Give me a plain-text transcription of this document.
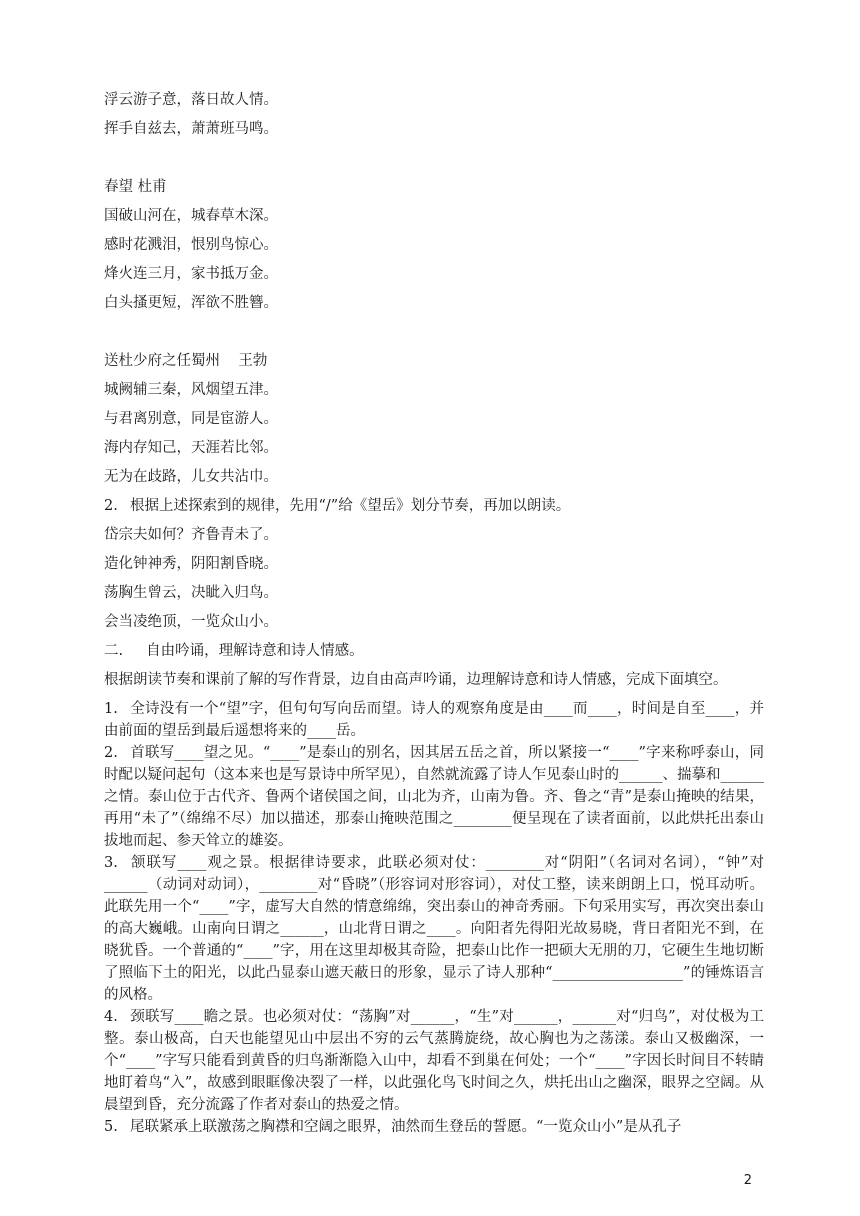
浮云游子意，落日故人情。
挥手自兹去，萧萧班马鸣。
春望 杜甫
国破山河在，城春草木深。
感时花溅泪，恨别鸟惊心。
烽火连三月，家书抵万金。
白头搔更短，浑欲不胜簪。
送杜少府之任蜀州    王勃
城阙辅三秦，风烟望五津。
与君离别意，同是宦游人。
海内存知己，天涯若比邻。
无为在歧路，儿女共沾巾。
2. 根据上述探索到的规律，先用“/”给《望岳》划分节奏，再加以朗读。
岱宗夫如何？齐鲁青未了。
造化钟神秀，阴阳割昏晓。
荡胸生曾云，决眦入归鸟。
会当凌绝顶，一览众山小。
二.     自由吟诵，理解诗意和诗人情感。
根据朗读节奏和课前了解的写作背景，边自由高声吟诵，边理解诗意和诗人情感，完成下面填空。
1. 全诗没有一个“望”字，但句句写向岳而望。诗人的观察角度是由____而____，时间是自至____，并由前面的望岳到最后遥想将来的____岳。
2. 首联写____望之见。“____”是泰山的别名，因其居五岳之首，所以紧接一“____”字来称呼泰山，同时配以疑问起句（这本来也是写景诗中所罕见），自然就流露了诗人乍见泰山时的______、揣摹和______之情。泰山位于古代齐、鲁两个诸侯国之间，山北为齐，山南为鲁。齐、鲁之“青”是泰山掩映的结果，再用“未了”（绵绵不尽）加以描述，那泰山掩映范围之________便呈现在了读者面前，以此烘托出泰山拔地而起、参天耸立的雄姿。
3. 颔联写____观之景。根据律诗要求，此联必须对仗：________对“阴阳”（名词对名词），“钟”对______（动词对动词），________对“昏晓”（形容词对形容词），对仗工整，读来朗朗上口，悦耳动听。此联先用一个“____”字，虚写大自然的情意绵绵，突出泰山的神奇秀丽。下句采用实写，再次突出泰山的高大巍峨。山南向日谓之______，山北背日谓之____。向阳者先得阳光故易晓，背日者阳光不到，在晓犹昏。一个普通的“____”字，用在这里却极其奇险，把泰山比作一把硕大无朋的刀，它硬生生地切断了照临下土的阳光，以此凸显泰山遮天蔽日的形象，显示了诗人那种“__________________”的锤炼语言的风格。
4. 颈联写____瞻之景。也必须对仗：“荡胸”对______，“生”对______，______对“归鸟”，对仗极为工整。泰山极高，白天也能望见山中层出不穷的云气蒸腾旋绕，故心胸也为之荡漾。泰山又极幽深，一个“____”字写只能看到黄昏的归鸟渐渐隐入山中，却看不到巢在何处；一个“____”字因长时间目不转睛地盯着鸟“入”，故感到眼眶像决裂了一样，以此强化鸟飞时间之久，烘托出山之幽深，眼界之空阔。从晨望到昏，充分流露了作者对泰山的热爱之情。
5. 尾联紧承上联激荡之胸襟和空阔之眼界，油然而生登岳的誓愿。“一览众山小”是从孔子
2
